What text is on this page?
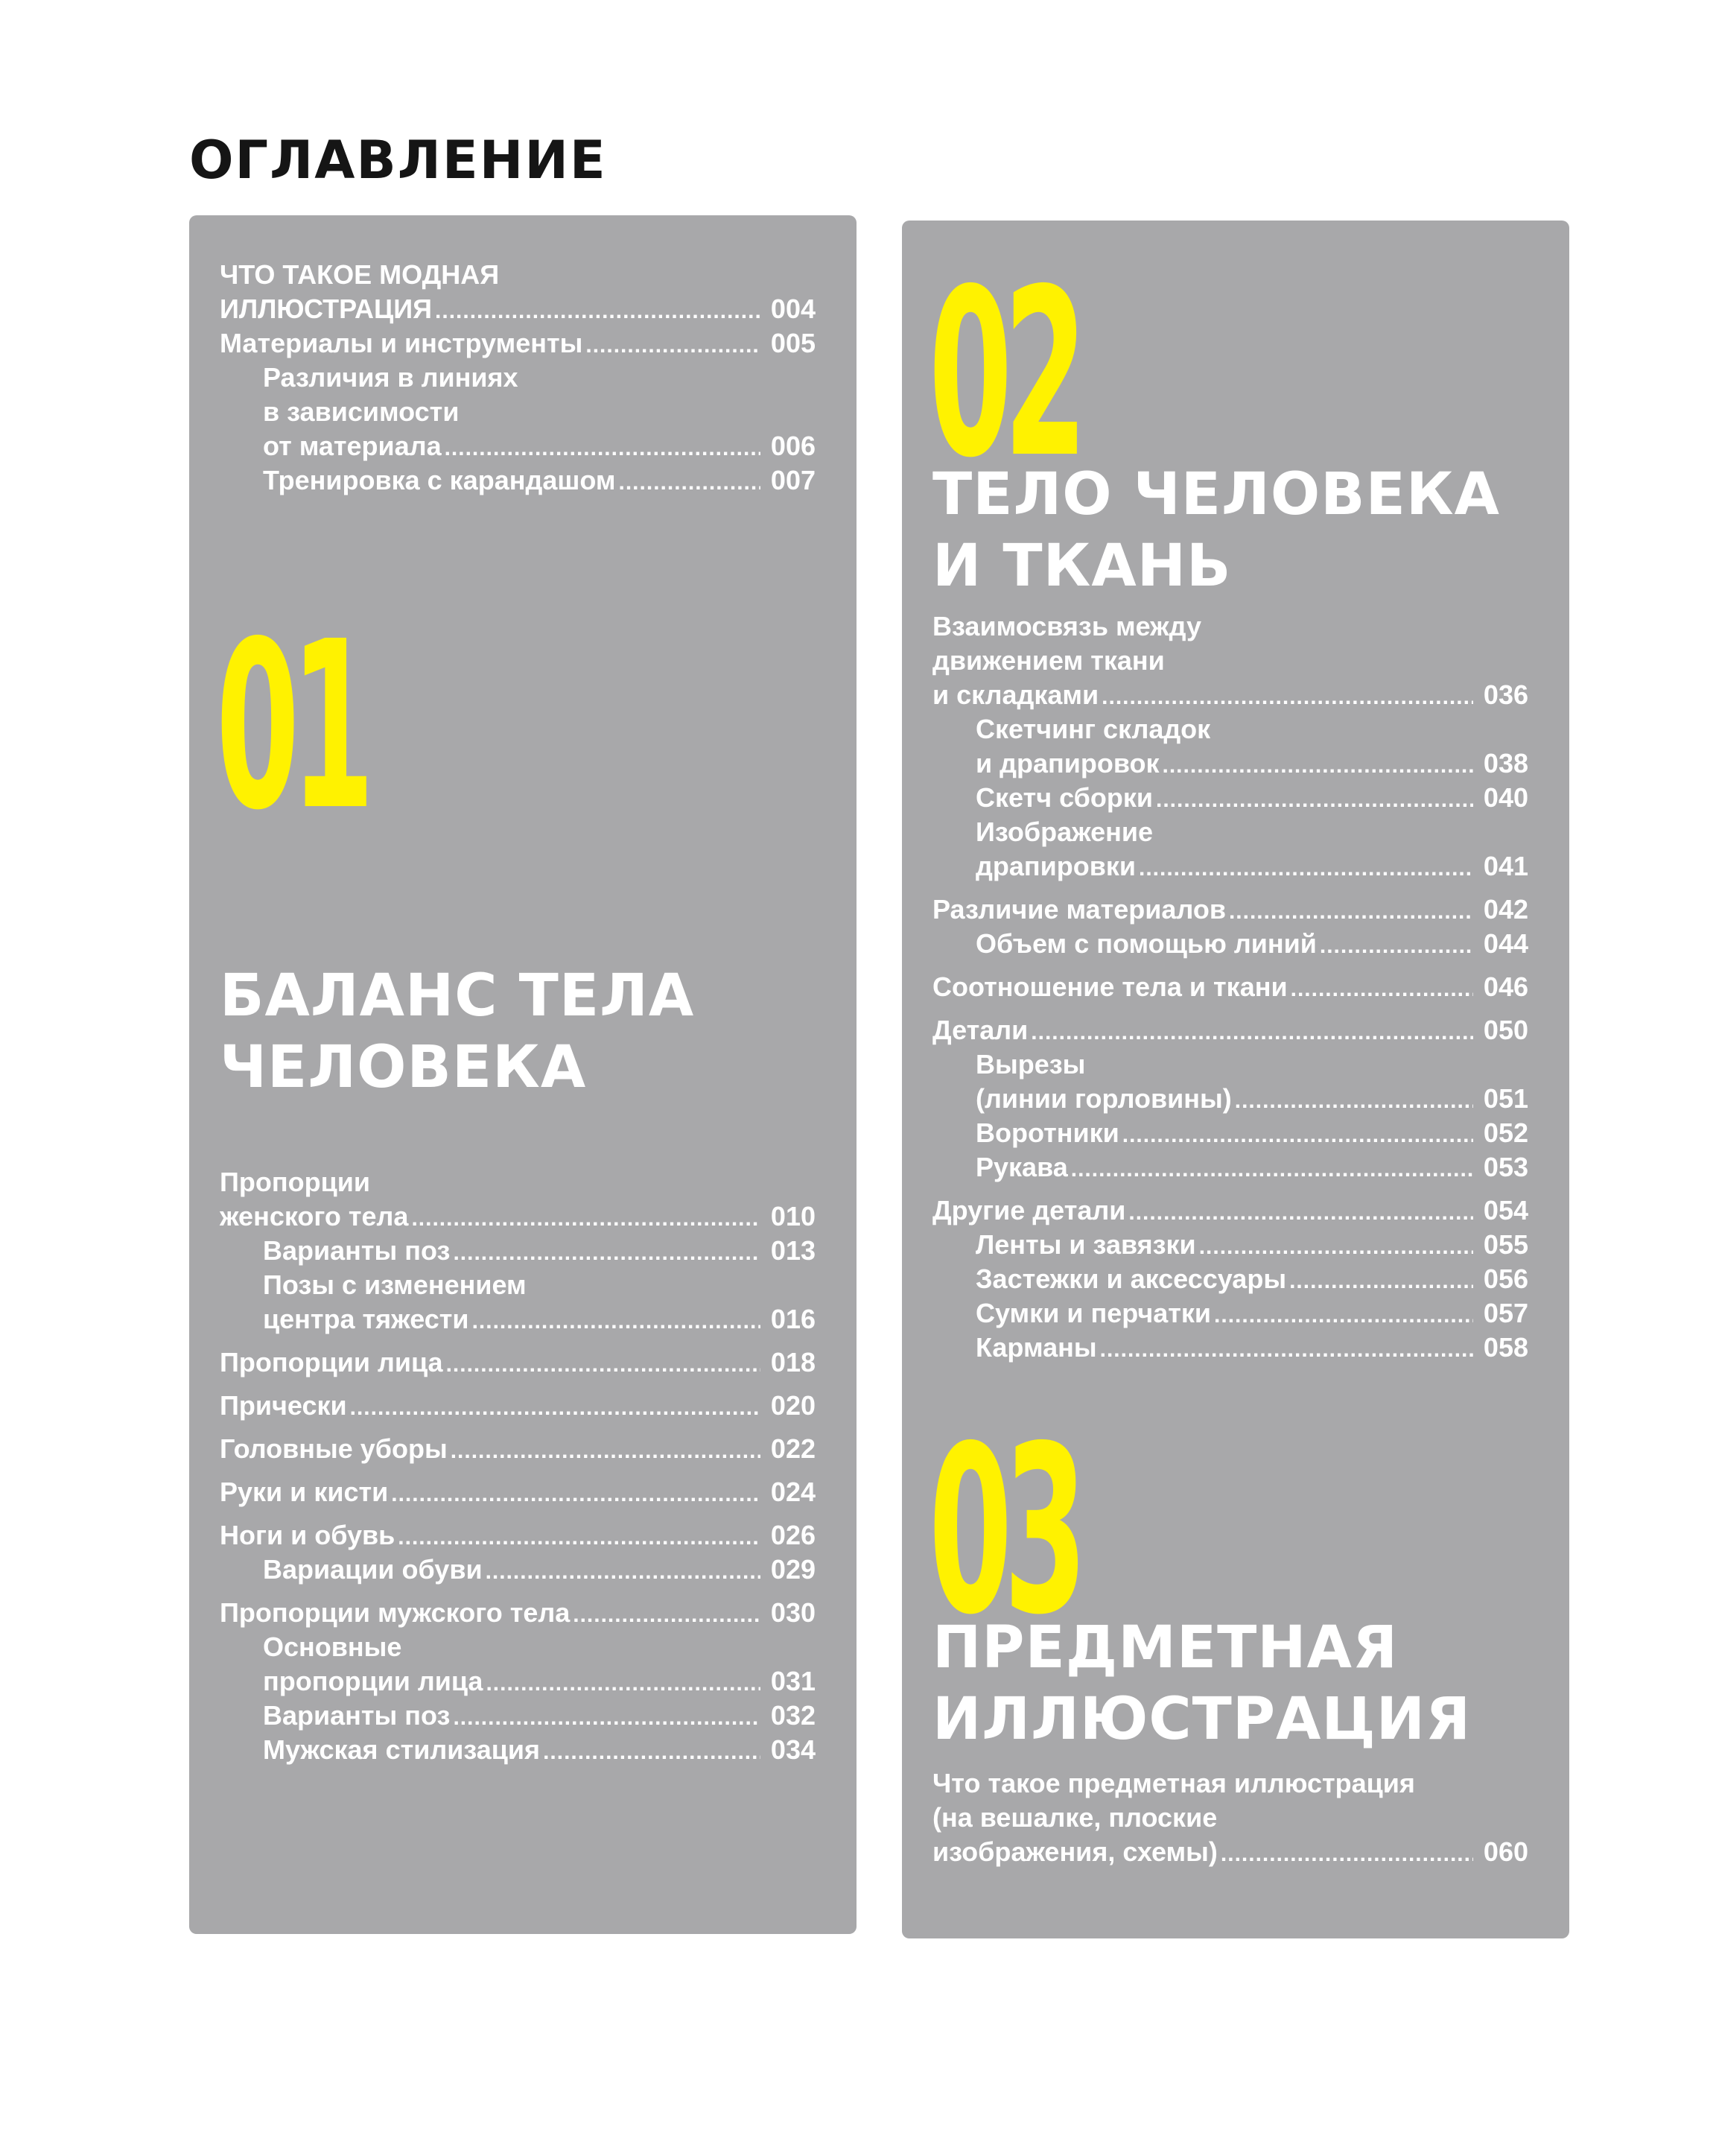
ОГЛАВЛЕНИЕ
ЧТО ТАКОЕ МОДНАЯ
ИЛЛЮСТРАЦИЯ .....	004
Материалы и инструменты .....	005
Различия в линиях
в зависимости
от материала .....	006
Тренировка с карандашом .....	007
01
БАЛАНС ТЕЛА
ЧЕЛОВЕКА
Пропорции
женского тела .....	010
Варианты поз .....	013
Позы с изменением
центра тяжести .....	016
Пропорции лица .....	018
Прически .....	020
Головные уборы .....	022
Руки и кисти .....	024
Ноги и обувь .....	026
Вариации обуви .....	029
Пропорции мужского тела .....	030
Основные
пропорции лица .....	031
Варианты поз .....	032
Мужская стилизация .....	034
02
ТЕЛО ЧЕЛОВЕКА
И ТКАНЬ
Взаимосвязь между
движением ткани
и складками .....	036
Скетчинг складок
и драпировок .....	038
Скетч сборки .....	040
Изображение
драпировки .....	041
Различие материалов .....	042
Объем с помощью линий .....	044
Соотношение тела и ткани .....	046
Детали .....	050
Вырезы
(линии горловины) .....	051
Воротники .....	052
Рукава .....	053
Другие детали .....	054
Ленты и завязки .....	055
Застежки и аксессуары .....	056
Сумки и перчатки .....	057
Карманы .....	058
03
ПРЕДМЕТНАЯ
ИЛЛЮСТРАЦИЯ
Что такое предметная иллюстрация
(на вешалке, плоские
изображения, схемы) .....	060
